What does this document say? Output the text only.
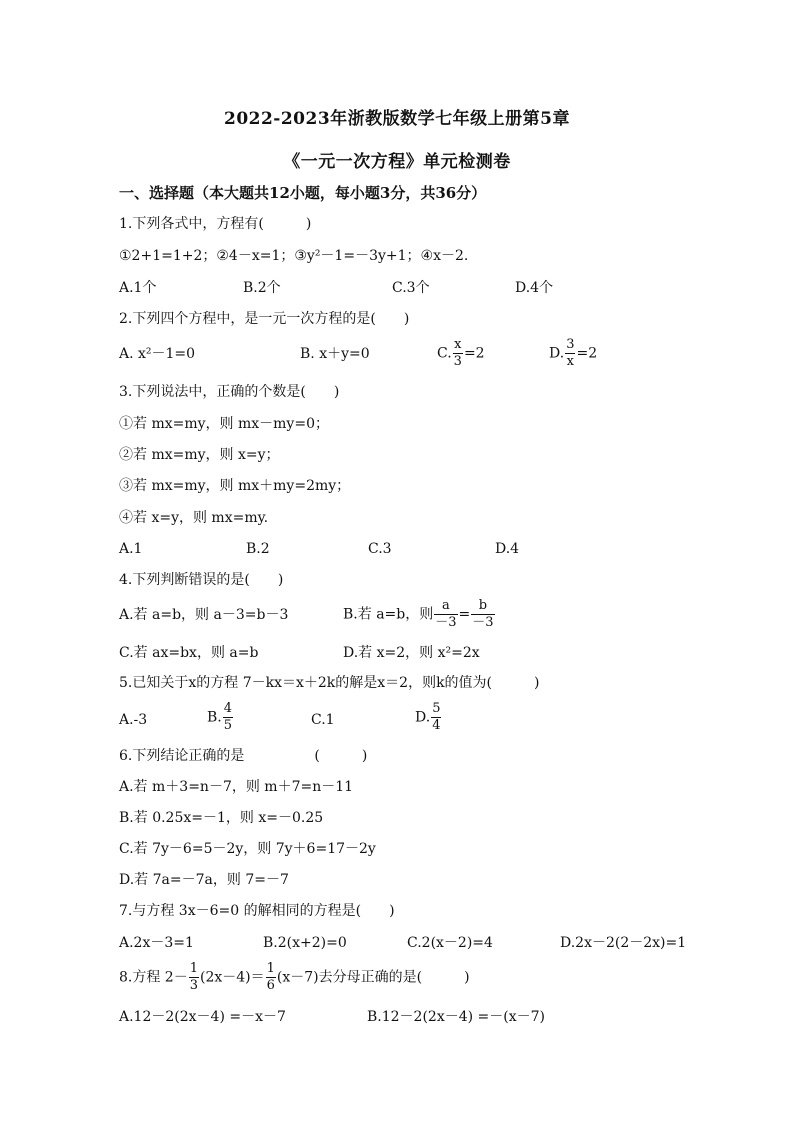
2022-2023年浙教版数学七年级上册第5章
《一元一次方程》单元检测卷
一、选择题（本大题共12小题，每小题3分，共36分）
1.下列各式中，方程有(　　　)
①2+1=1+2；②4－x=1；③y²－1=－3y+1；④x－2.
A.1个	B.2个	C.3个	D.4个
2.下列四个方程中，是一元一次方程的是(　　)
A. x²－1=0	B. x＋y=0	C. $\frac{x}{3} =2$	D. $\frac{3}{x} =2$
3.下列说法中，正确的个数是(　　)
①若 mx=my，则 mx－my=0；
②若 mx=my，则 x=y；
③若 mx=my，则 mx＋my=2my；
④若 x=y，则 mx=my.
A.1	B.2	C.3	D.4
4.下列判断错误的是(　　)
A.若 a=b，则 a－3=b－3	B.若 a=b，则 $\frac{a}{-3} = \frac{b}{-3}$
C.若 ax=bx，则 a=b	D.若 x=2，则 x²=2x
5.已知关于x的方程 7－kx＝x＋2k的解是x＝2，则k的值为(　　　)
A.-3	B. $\frac{4}{5}$	C.1	D. $\frac{5}{4}$
6.下列结论正确的是　　　　　(　　　)
A.若 m＋3=n－7，则 m＋7=n－11
B.若 0.25x=－1，则 x=－0.25
C.若 7y－6=5－2y，则 7y＋6=17－2y
D.若 7a=－7a，则 7=－7
7.与方程 3x－6=0 的解相同的方程是(　　)
A.2x－3=1	B.2(x+2)=0	C.2(x－2)=4	D.2x－2(2－2x)=1
8.方程 $2- \frac{1}{3} (2x-4)= \frac{1}{6} (x-7)$去分母正确的是(　　　)
A.12－2(2x－4) =－x－7	B.12－2(2x－4) =－(x－7)
